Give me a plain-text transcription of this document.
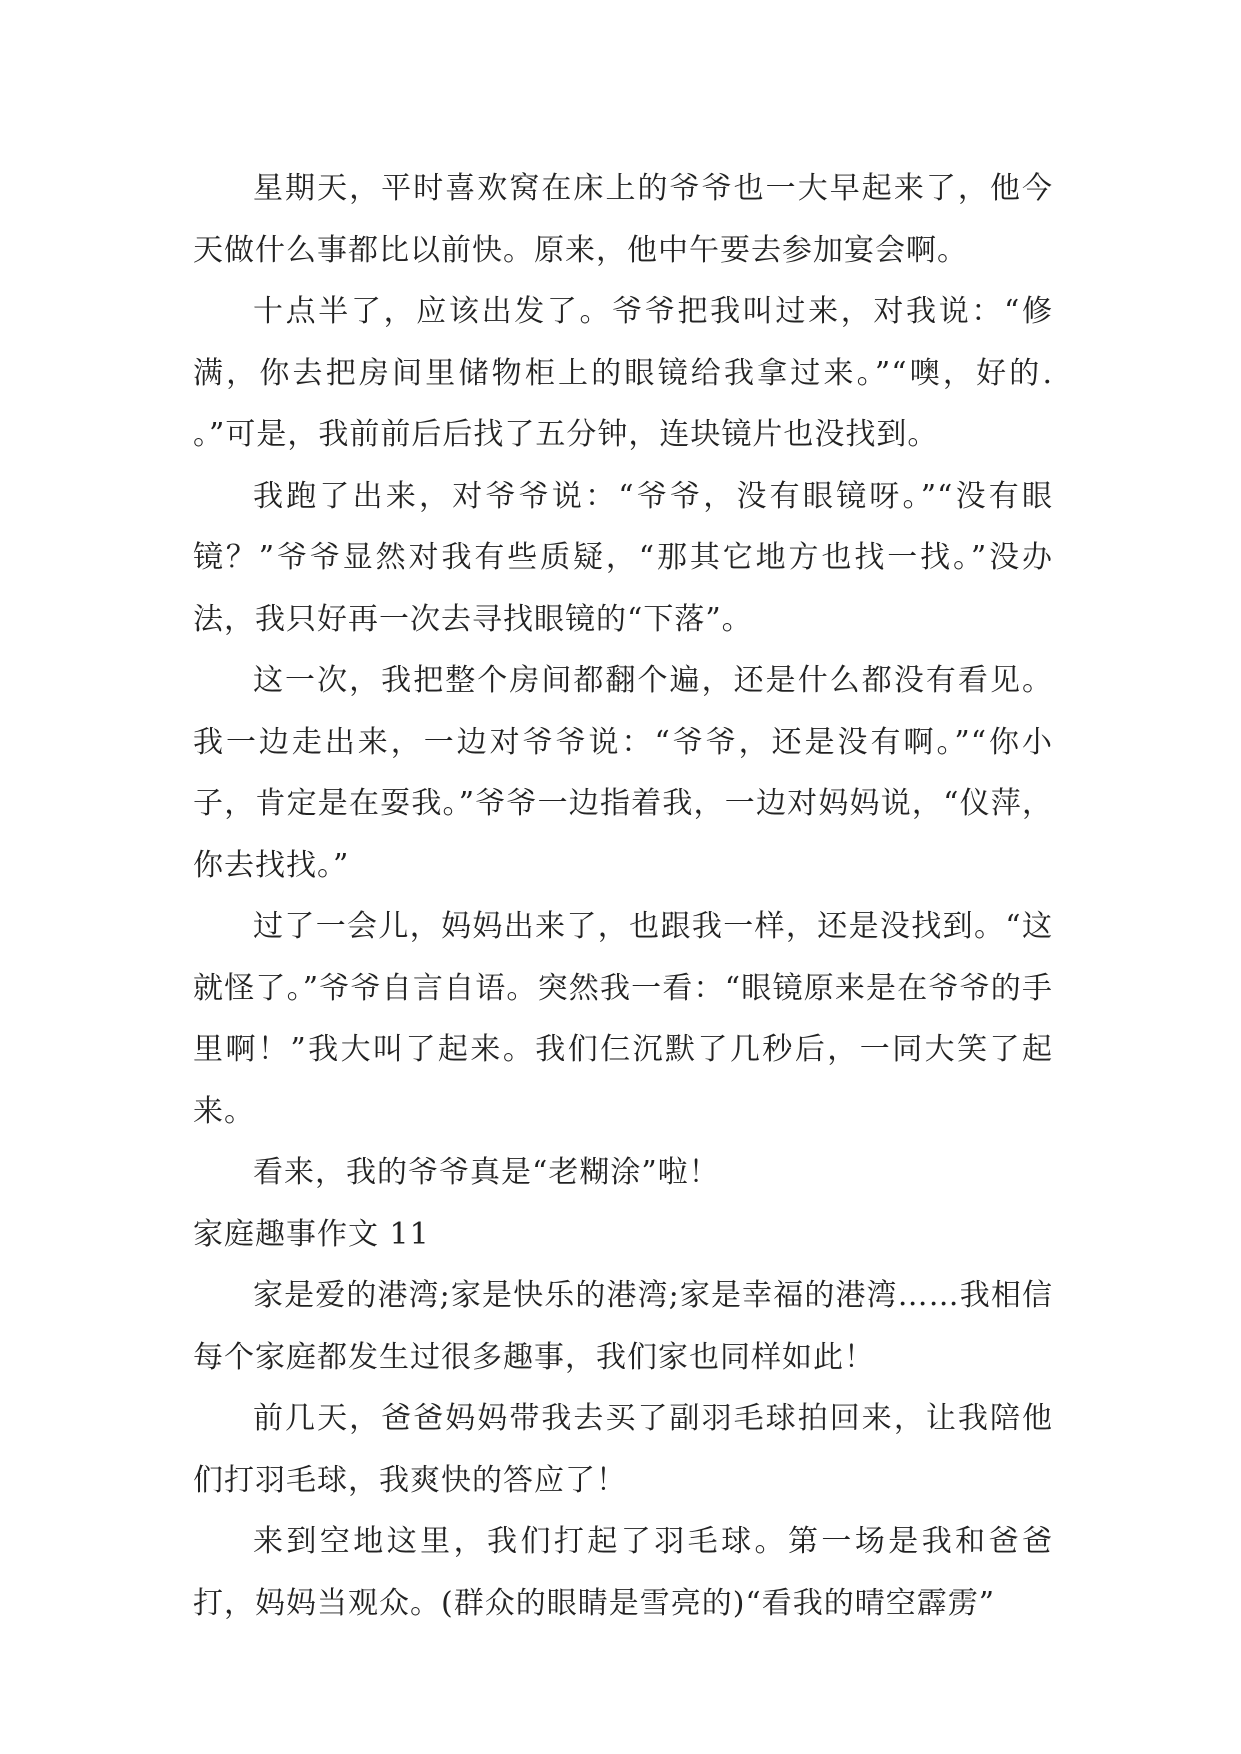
星期天，平时喜欢窝在床上的爷爷也一大早起来了，他今天做什么事都比以前快。原来，他中午要去参加宴会啊。

十点半了，应该出发了。爷爷把我叫过来，对我说：“修满，你去把房间里储物柜上的眼镜给我拿过来。”“噢，好的. 。”可是，我前前后后找了五分钟，连块镜片也没找到。

我跑了出来，对爷爷说：“爷爷，没有眼镜呀。”“没有眼镜？”爷爷显然对我有些质疑，“那其它地方也找一找。”没办法，我只好再一次去寻找眼镜的“下落”。

这一次，我把整个房间都翻个遍，还是什么都没有看见。我一边走出来，一边对爷爷说：“爷爷，还是没有啊。”“你小子，肯定是在耍我。”爷爷一边指着我，一边对妈妈说，“仪萍，你去找找。”

过了一会儿，妈妈出来了，也跟我一样，还是没找到。“这就怪了。”爷爷自言自语。突然我一看：“眼镜原来是在爷爷的手里啊！”我大叫了起来。我们仨沉默了几秒后，一同大笑了起来。

看来，我的爷爷真是“老糊涂”啦！

家庭趣事作文 11

家是爱的港湾;家是快乐的港湾;家是幸福的港湾……我相信每个家庭都发生过很多趣事，我们家也同样如此！

前几天，爸爸妈妈带我去买了副羽毛球拍回来，让我陪他们打羽毛球，我爽快的答应了！

来到空地这里，我们打起了羽毛球。第一场是我和爸爸打，妈妈当观众。(群众的眼睛是雪亮的)“看我的晴空霹雳”
